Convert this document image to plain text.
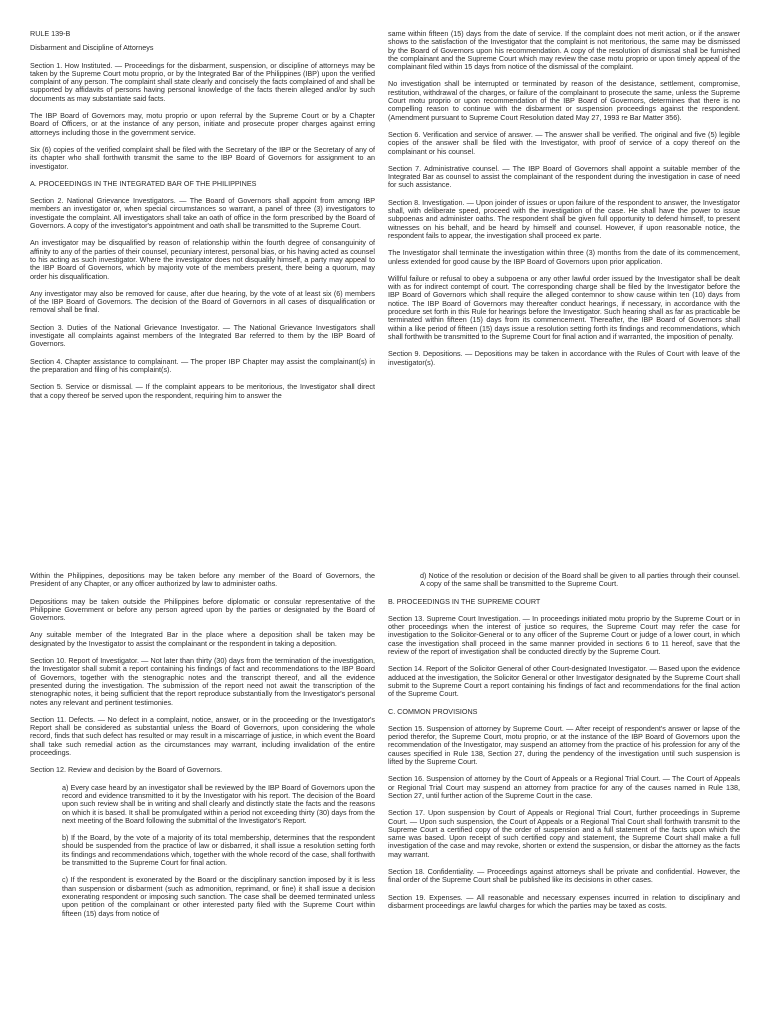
RULE 139-B

Disbarment and Discipline of Attorneys

Section 1. How Instituted. — Proceedings for the disbarment, suspension, or discipline of attorneys may be taken by the Supreme Court motu proprio, or by the Integrated Bar of the Philippines (IBP) upon the verified complaint of any person. The complaint shall state clearly and concisely the facts complained of and shall be supported by affidavits of persons having personal knowledge of the facts therein alleged and/or by such documents as may substantiate said facts.

The IBP Board of Governors may, motu proprio or upon referral by the Supreme Court or by a Chapter Board of Officers, or at the instance of any person, initiate and prosecute proper charges against erring attorneys including those in the government service.

Six (6) copies of the verified complaint shall be filed with the Secretary of the IBP or the Secretary of any of its chapter who shall forthwith transmit the same to the IBP Board of Governors for assignment to an investigator.

A. PROCEEDINGS IN THE INTEGRATED BAR OF THE PHILIPPINES

Section 2. National Grievance Investigators. — The Board of Governors shall appoint from among IBP members an investigator or, when special circumstances so warrant, a panel of three (3) investigators to investigate the complaint. All investigators shall take an oath of office in the form prescribed by the Board of Governors. A copy of the investigator's appointment and oath shall be transmitted to the Supreme Court.

An investigator may be disqualified by reason of relationship within the fourth degree of consanguinity of affinity to any of the parties of their counsel, pecuniary interest, personal bias, or his having acted as counsel to his acting as such investigator. Where the investigator does not disqualify himself, a party may appeal to the IBP Board of Governors, which by majority vote of the members present, there being a quorum, may order his disqualification.

Any investigator may also be removed for cause, after due hearing, by the vote of at least six (6) members of the IBP Board of Governors. The decision of the Board of Governors in all cases of disqualification or removal shall be final.

Section 3. Duties of the National Grievance Investigator. — The National Grievance Investigators shall investigate all complaints against members of the Integrated Bar referred to them by the IBP Board of Governors.

Section 4. Chapter assistance to complainant. — The proper IBP Chapter may assist the complainant(s) in the preparation and filing of his complaint(s).

Section 5. Service or dismissal. — If the complaint appears to be meritorious, the Investigator shall direct that a copy thereof be served upon the respondent, requiring him to answer the

same within fifteen (15) days from the date of service. If the complaint does not merit action, or if the answer shows to the satisfaction of the Investigator that the complaint is not meritorious, the same may be dismissed by the Board of Governors upon his recommendation. A copy of the resolution of dismissal shall be furnished the complainant and the Supreme Court which may review the case motu proprio or upon timely appeal of the complainant filed within 15 days from notice of the dismissal of the complaint.

No investigation shall be interrupted or terminated by reason of the desistance, settlement, compromise, restitution, withdrawal of the charges, or failure of the complainant to prosecute the same, unless the Supreme Court motu proprio or upon recommendation of the IBP Board of Governors, determines that there is no compelling reason to continue with the disbarment or suspension proceedings against the respondent. (Amendment pursuant to Supreme Court Resolution dated May 27, 1993 re Bar Matter 356).

Section 6. Verification and service of answer. — The answer shall be verified. The original and five (5) legible copies of the answer shall be filed with the Investigator, with proof of service of a copy thereof on the complainant or his counsel.

Section 7. Administrative counsel. — The IBP Board of Governors shall appoint a suitable member of the Integrated Bar as counsel to assist the complainant of the respondent during the investigation in case of need for such assistance.

Section 8. Investigation. — Upon joinder of issues or upon failure of the respondent to answer, the Investigator shall, with deliberate speed, proceed with the investigation of the case. He shall have the power to issue subpoenas and administer oaths. The respondent shall be given full opportunity to defend himself, to present witnesses on his behalf, and be heard by himself and counsel. However, if upon reasonable notice, the respondent fails to appear, the investigation shall proceed ex parte.

The Investigator shall terminate the investigation within three (3) months from the date of its commencement, unless extended for good cause by the IBP Board of Governors upon prior application.

Willful failure or refusal to obey a subpoena or any other lawful order issued by the Investigator shall be dealt with as for indirect contempt of court. The corresponding charge shall be filed by the Investigator before the IBP Board of Governors which shall require the alleged contemnor to show cause within ten (10) days from notice. The IBP Board of Governors may thereafter conduct hearings, if necessary, in accordance with the procedure set forth in this Rule for hearings before the Investigator. Such hearing shall as far as practicable be terminated within fifteen (15) days from its commencement. Thereafter, the IBP Board of Governors shall within a like period of fifteen (15) days issue a resolution setting forth its findings and recommendations, which shall forthwith be transmitted to the Supreme Court for final action and if warranted, the imposition of penalty.

Section 9. Depositions. — Depositions may be taken in accordance with the Rules of Court with leave of the investigator(s).

Within the Philippines, depositions may be taken before any member of the Board of Governors, the President of any Chapter, or any officer authorized by law to administer oaths.

Depositions may be taken outside the Philippines before diplomatic or consular representative of the Philippine Government or before any person agreed upon by the parties or designated by the Board of Governors.

Any suitable member of the Integrated Bar in the place where a deposition shall be taken may be designated by the Investigator to assist the complainant or the respondent in taking a deposition.

Section 10. Report of Investigator. — Not later than thirty (30) days from the termination of the investigation, the Investigator shall submit a report containing his findings of fact and recommendations to the IBP Board of Governors, together with the stenographic notes and the transcript thereof, and all the evidence presented during the investigation. The submission of the report need not await the transcription of the stenographic notes, it being sufficient that the report reproduce substantially from the Investigator's personal notes any relevant and pertinent testimonies.

Section 11. Defects. — No defect in a complaint, notice, answer, or in the proceeding or the Investigator's Report shall be considered as substantial unless the Board of Governors, upon considering the whole record, finds that such defect has resulted or may result in a miscarriage of justice, in which event the Board shall take such remedial action as the circumstances may warrant, including invalidation of the entire proceedings.

Section 12. Review and decision by the Board of Governors.

a) Every case heard by an investigator shall be reviewed by the IBP Board of Governors upon the record and evidence transmitted to it by the Investigator with his report. The decision of the Board upon such review shall be in writing and shall clearly and distinctly state the facts and the reasons on which it is based. It shall be promulgated within a period not exceeding thirty (30) days from the next meeting of the Board following the submittal of the Investigator's Report.

b) If the Board, by the vote of a majority of its total membership, determines that the respondent should be suspended from the practice of law or disbarred, it shall issue a resolution setting forth its findings and recommendations which, together with the whole record of the case, shall forthwith be transmitted to the Supreme Court for final action.

c) If the respondent is exonerated by the Board or the disciplinary sanction imposed by it is less than suspension or disbarment (such as admonition, reprimand, or fine) it shall issue a decision exonerating respondent or imposing such sanction. The case shall be deemed terminated unless upon petition of the complainant or other interested party filed with the Supreme Court within fifteen (15) days from notice of

d) Notice of the resolution or decision of the Board shall be given to all parties through their counsel. A copy of the same shall be transmitted to the Supreme Court.

B. PROCEEDINGS IN THE SUPREME COURT

Section 13. Supreme Court Investigation. — In proceedings initiated motu proprio by the Supreme Court or in other proceedings when the interest of justice so requires, the Supreme Court may refer the case for investigation to the Solicitor-General or to any officer of the Supreme Court or judge of a lower court, in which case the investigation shall proceed in the same manner provided in sections 6 to 11 hereof, save that the review of the report of investigation shall be conducted directly by the Supreme Court.

Section 14. Report of the Solicitor General of other Court-designated Investigator. — Based upon the evidence adduced at the investigation, the Solicitor General or other Investigator designated by the Supreme Court shall submit to the Supreme Court a report containing his findings of fact and recommendations for the final action of the Supreme Court.

C. COMMON PROVISIONS

Section 15. Suspension of attorney by Supreme Court. — After receipt of respondent's answer or lapse of the period therefor, the Supreme Court, motu proprio, or at the instance of the IBP Board of Governors upon the recommendation of the Investigator, may suspend an attorney from the practice of his profession for any of the causes specified in Rule 138, Section 27, during the pendency of the investigation until such suspension is lifted by the Supreme Court.

Section 16. Suspension of attorney by the Court of Appeals or a Regional Trial Court. — The Court of Appeals or Regional Trial Court may suspend an attorney from practice for any of the causes named in Rule 138, Section 27, until further action of the Supreme Court in the case.

Section 17. Upon suspension by Court of Appeals or Regional Trial Court, further proceedings in Supreme Court. — Upon such suspension, the Court of Appeals or a Regional Trial Court shall forthwith transmit to the Supreme Court a certified copy of the order of suspension and a full statement of the facts upon which the same was based. Upon receipt of such certified copy and statement, the Supreme Court shall make a full investigation of the case and may revoke, shorten or extend the suspension, or disbar the attorney as the facts may warrant.

Section 18. Confidentiality. — Proceedings against attorneys shall be private and confidential. However, the final order of the Supreme Court shall be published like its decisions in other cases.

Section 19. Expenses. — All reasonable and necessary expenses incurred in relation to disciplinary and disbarment proceedings are lawful charges for which the parties may be taxed as costs.
